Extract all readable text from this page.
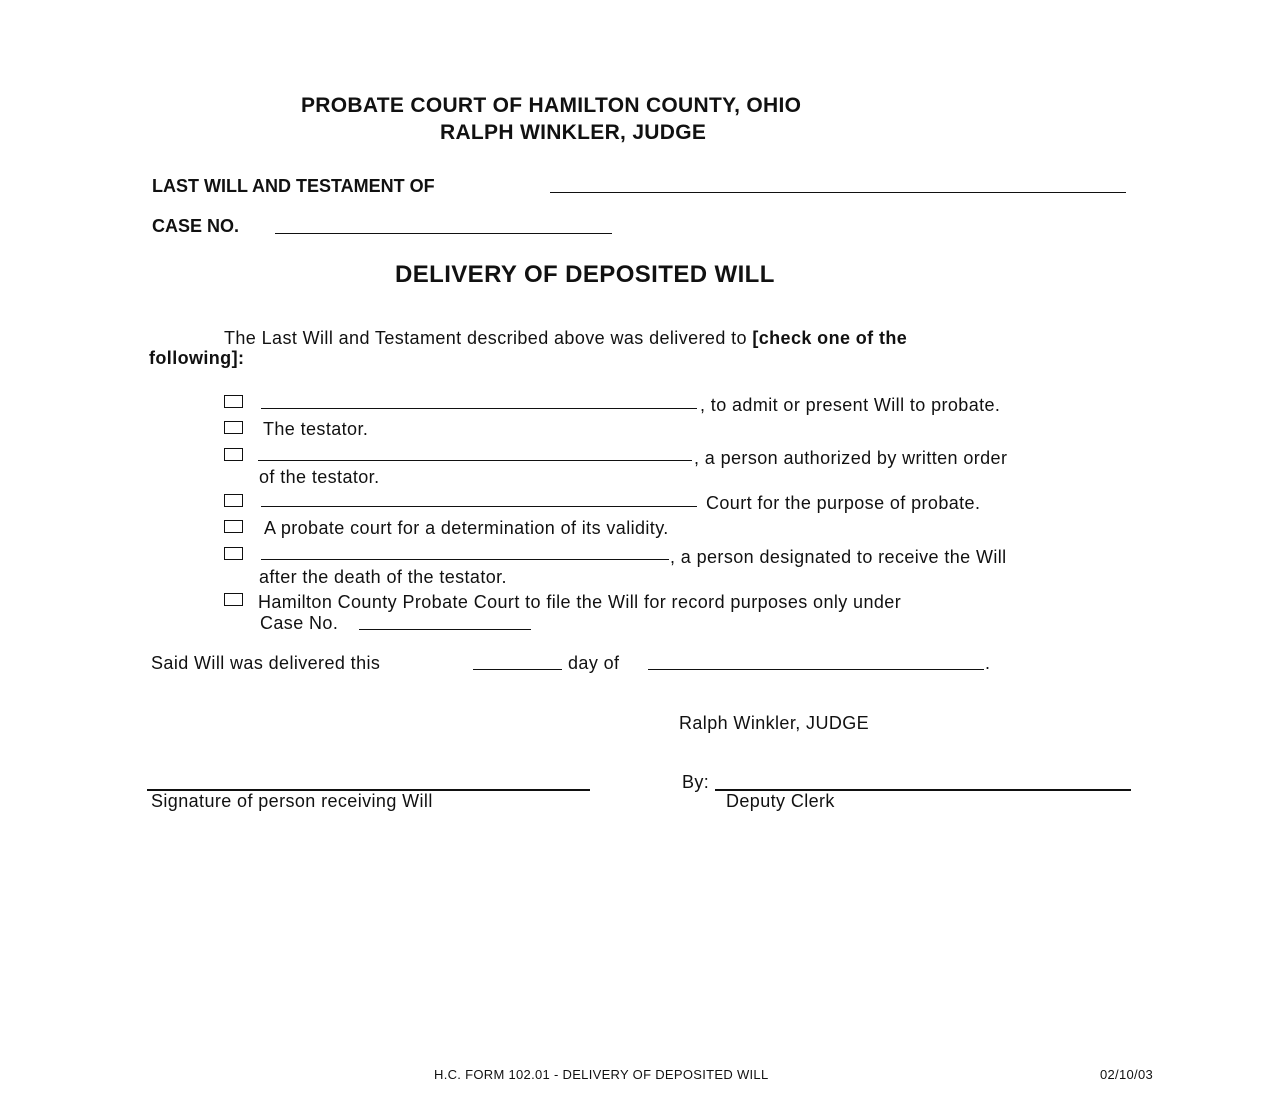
PROBATE COURT OF HAMILTON COUNTY, OHIO
RALPH WINKLER, JUDGE
LAST WILL AND TESTAMENT OF
CASE NO.
DELIVERY OF DEPOSITED WILL
The Last Will and Testament described above was delivered to [check one of the
following]:
, to admit or present Will to probate.
The testator.
, a person authorized by written order
of the testator.
Court for the purpose of probate.
A probate court for a determination of its validity.
, a person designated to receive the Will
after the death of the testator.
Hamilton County Probate Court to file the Will for record purposes only under
Case No.
Said Will was delivered this	day of	.
Ralph Winkler, JUDGE
Signature of person receiving Will
By:
Deputy Clerk
H.C. FORM 102.01 - DELIVERY OF DEPOSITED WILL	02/10/03
